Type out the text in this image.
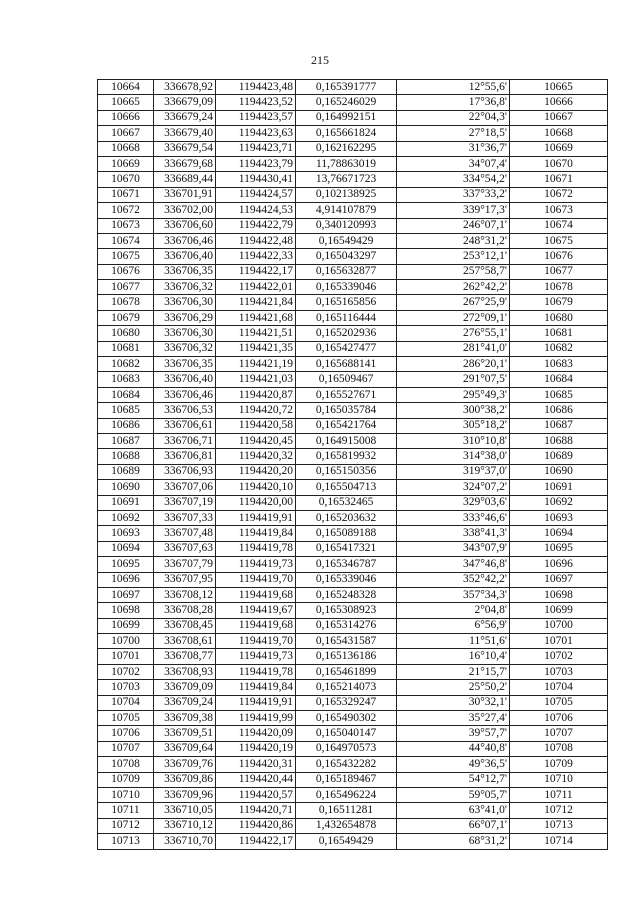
215
10664	336678,92	1194423,48	0,165391777	12°55,6'	10665
10665	336679,09	1194423,52	0,165246029	17°36,8'	10666
10666	336679,24	1194423,57	0,164992151	22°04,3'	10667
10667	336679,40	1194423,63	0,165661824	27°18,5'	10668
10668	336679,54	1194423,71	0,162162295	31°36,7'	10669
10669	336679,68	1194423,79	11,78863019	34°07,4'	10670
10670	336689,44	1194430,41	13,76671723	334°54,2'	10671
10671	336701,91	1194424,57	0,102138925	337°33,2'	10672
10672	336702,00	1194424,53	4,914107879	339°17,3'	10673
10673	336706,60	1194422,79	0,340120993	246°07,1'	10674
10674	336706,46	1194422,48	0,16549429	248°31,2'	10675
10675	336706,40	1194422,33	0,165043297	253°12,1'	10676
10676	336706,35	1194422,17	0,165632877	257°58,7'	10677
10677	336706,32	1194422,01	0,165339046	262°42,2'	10678
10678	336706,30	1194421,84	0,165165856	267°25,9'	10679
10679	336706,29	1194421,68	0,165116444	272°09,1'	10680
10680	336706,30	1194421,51	0,165202936	276°55,1'	10681
10681	336706,32	1194421,35	0,165427477	281°41,0'	10682
10682	336706,35	1194421,19	0,165688141	286°20,1'	10683
10683	336706,40	1194421,03	0,16509467	291°07,5'	10684
10684	336706,46	1194420,87	0,165527671	295°49,3'	10685
10685	336706,53	1194420,72	0,165035784	300°38,2'	10686
10686	336706,61	1194420,58	0,165421764	305°18,2'	10687
10687	336706,71	1194420,45	0,164915008	310°10,8'	10688
10688	336706,81	1194420,32	0,165819932	314°38,0'	10689
10689	336706,93	1194420,20	0,165150356	319°37,0'	10690
10690	336707,06	1194420,10	0,165504713	324°07,2'	10691
10691	336707,19	1194420,00	0,16532465	329°03,6'	10692
10692	336707,33	1194419,91	0,165203632	333°46,6'	10693
10693	336707,48	1194419,84	0,165089188	338°41,3'	10694
10694	336707,63	1194419,78	0,165417321	343°07,9'	10695
10695	336707,79	1194419,73	0,165346787	347°46,8'	10696
10696	336707,95	1194419,70	0,165339046	352°42,2'	10697
10697	336708,12	1194419,68	0,165248328	357°34,3'	10698
10698	336708,28	1194419,67	0,165308923	2°04,8'	10699
10699	336708,45	1194419,68	0,165314276	6°56,9'	10700
10700	336708,61	1194419,70	0,165431587	11°51,6'	10701
10701	336708,77	1194419,73	0,165136186	16°10,4'	10702
10702	336708,93	1194419,78	0,165461899	21°15,7'	10703
10703	336709,09	1194419,84	0,165214073	25°50,2'	10704
10704	336709,24	1194419,91	0,165329247	30°32,1'	10705
10705	336709,38	1194419,99	0,165490302	35°27,4'	10706
10706	336709,51	1194420,09	0,165040147	39°57,7'	10707
10707	336709,64	1194420,19	0,164970573	44°40,8'	10708
10708	336709,76	1194420,31	0,165432282	49°36,5'	10709
10709	336709,86	1194420,44	0,165189467	54°12,7'	10710
10710	336709,96	1194420,57	0,165496224	59°05,7'	10711
10711	336710,05	1194420,71	0,16511281	63°41,0'	10712
10712	336710,12	1194420,86	1,432654878	66°07,1'	10713
10713	336710,70	1194422,17	0,16549429	68°31,2'	10714
